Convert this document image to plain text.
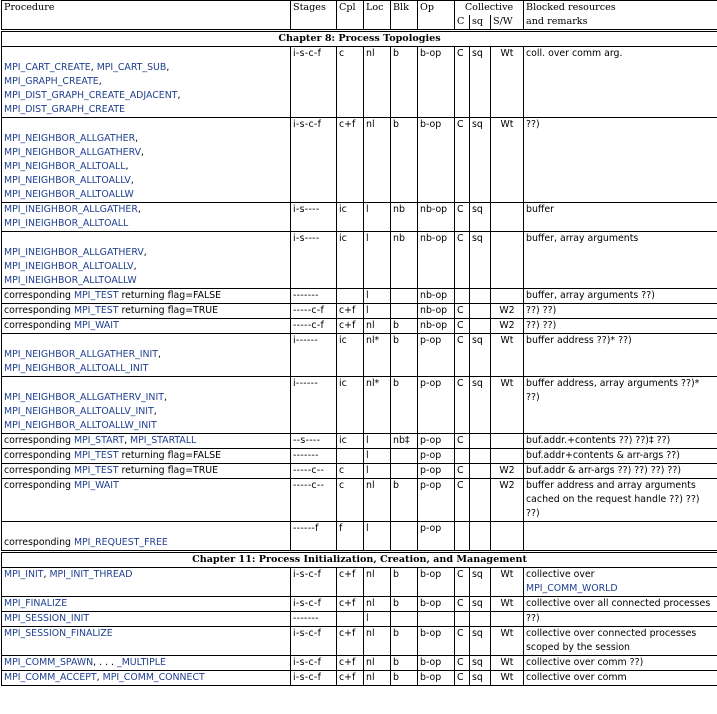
Procedure	Stages	Cpl	Loc	Blk	Op	Collective			Blocked resources
						C	sq	S/W	and remarks
Chapter 8: Process Topologies									

MPI_CART_CREATE, MPI_CART_SUB,
MPI_GRAPH_CREATE,
MPI_DIST_GRAPH_CREATE_ADJACENT,
MPI_DIST_GRAPH_CREATE	i-s-c-f	c	nl	b	b-op	C	sq	Wt	coll. over comm arg.

MPI_NEIGHBOR_ALLGATHER,
MPI_NEIGHBOR_ALLGATHERV,
MPI_NEIGHBOR_ALLTOALL,
MPI_NEIGHBOR_ALLTOALLV,
MPI_NEIGHBOR_ALLTOALLW	i-s-c-f	c+f	nl	b	b-op	C	sq	Wt	??)

MPI_INEIGHBOR_ALLGATHER,
MPI_INEIGHBOR_ALLTOALL	i-s----	ic	l	nb	nb-op	C	sq		buffer

MPI_INEIGHBOR_ALLGATHERV,
MPI_INEIGHBOR_ALLTOALLV,
MPI_INEIGHBOR_ALLTOALLW	i-s----	ic	l	nb	nb-op	C	sq		buffer, array arguments

corresponding MPI_TEST returning flag=FALSE	-------		l		nb-op				buffer, array arguments ??)

corresponding MPI_TEST returning flag=TRUE	-----c-f	c+f	l		nb-op	C		W2	??) ??)

corresponding MPI_WAIT	-----c-f	c+f	nl	b	nb-op	C		W2	??) ??)

MPI_NEIGHBOR_ALLGATHER_INIT,
MPI_NEIGHBOR_ALLTOALL_INIT	i------	ic	nl*	b	p-op	C	sq	Wt	buffer address ??)* ??)

MPI_NEIGHBOR_ALLGATHERV_INIT,
MPI_NEIGHBOR_ALLTOALLV_INIT,
MPI_NEIGHBOR_ALLTOALLW_INIT	i------	ic	nl*	b	p-op	C	sq	Wt	buffer address, array arguments ??)* ??)

corresponding MPI_START, MPI_STARTALL	--s----	ic	l	nb‡	p-op	C			buf.addr.+contents ??) ??)‡ ??)

corresponding MPI_TEST returning flag=FALSE	-------		l		p-op				buf.addr+contents & arr-args ??)

corresponding MPI_TEST returning flag=TRUE	-----c--	c	l		p-op	C		W2	buf.addr & arr-args ??) ??) ??) ??)

corresponding MPI_WAIT	-----c--	c	nl	b	p-op	C		W2	buffer address and array arguments cached on the request handle ??) ??) ??)

corresponding MPI_REQUEST_FREE	------f	f	l		p-op				
Chapter 11: Process Initialization, Creation, and Management									

MPI_INIT, MPI_INIT_THREAD	i-s-c-f	c+f	nl	b	b-op	C	sq	Wt	collective over
MPI_COMM_WORLD

MPI_FINALIZE	i-s-c-f	c+f	nl	b	b-op	C	sq	Wt	collective over all connected processes

MPI_SESSION_INIT	-------		l						??)

MPI_SESSION_FINALIZE	i-s-c-f	c+f	nl	b	b-op	C	sq	Wt	collective over connected processes scoped by the session

MPI_COMM_SPAWN, . . . _MULTIPLE	i-s-c-f	c+f	nl	b	b-op	C	sq	Wt	collective over comm ??)

MPI_COMM_ACCEPT, MPI_COMM_CONNECT	i-s-c-f	c+f	nl	b	b-op	C	sq	Wt	collective over comm
